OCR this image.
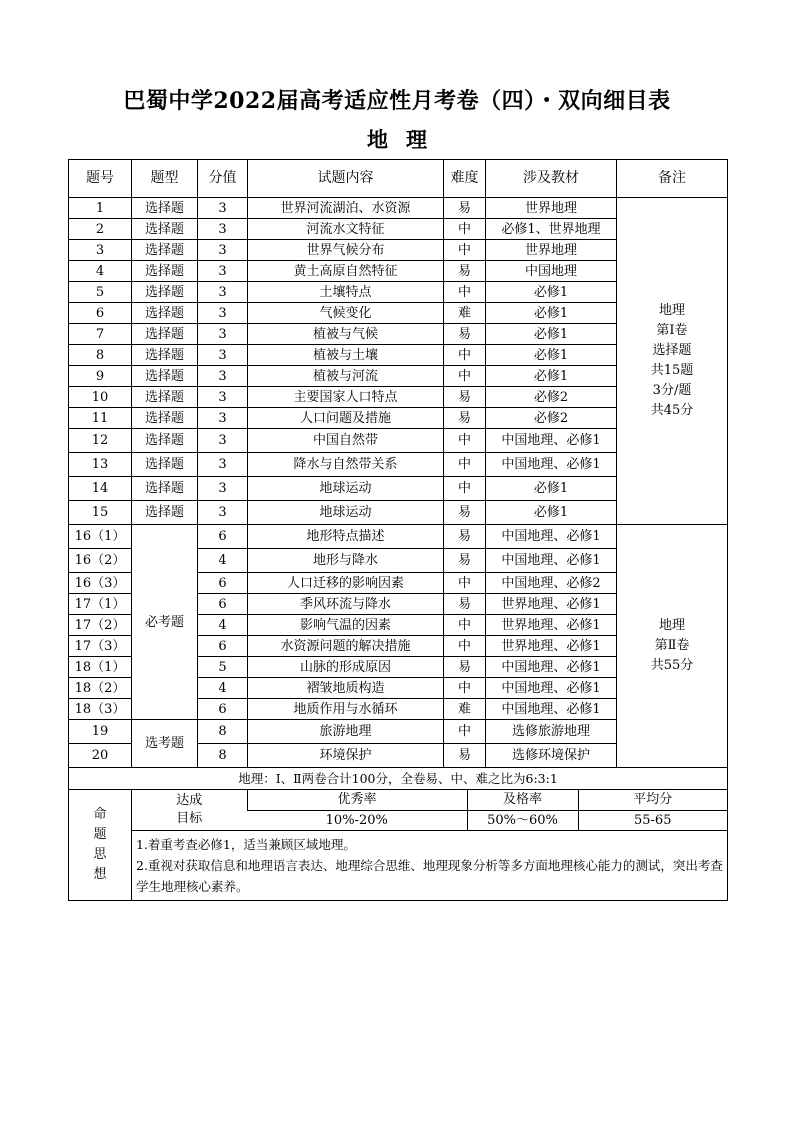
巴蜀中学2022届高考适应性月考卷（四）・双向细目表
地理
题号	题型	分值	试题内容	难度	涉及教材	备注
1	选择题	3	世界河流湖泊、水资源	易	世界地理	
地理
第Ⅰ卷
选择题
共15题
3分/题
共45分

2	选择题	3	河流水文特征	中	必修1、世界地理
3	选择题	3	世界气候分布	中	世界地理
4	选择题	3	黄土高原自然特征	易	中国地理
5	选择题	3	土壤特点	中	必修1
6	选择题	3	气候变化	难	必修1
7	选择题	3	植被与气候	易	必修1
8	选择题	3	植被与土壤	中	必修1
9	选择题	3	植被与河流	中	必修1
10	选择题	3	主要国家人口特点	易	必修2
11	选择题	3	人口问题及措施	易	必修2
12	选择题	3	中国自然带	中	中国地理、必修1
13	选择题	3	降水与自然带关系	中	中国地理、必修1
14	选择题	3	地球运动	中	必修1
15	选择题	3	地球运动	易	必修1
16（1）	必考题	6	地形特点描述	易	中国地理、必修1	
地理
第Ⅱ卷
共55分

16（2）	4	地形与降水	易	中国地理、必修1
16（3）	6	人口迁移的影响因素	中	中国地理、必修2
17（1）	6	季风环流与降水	易	世界地理、必修1
17（2）	4	影响气温的因素	中	世界地理、必修1
17（3）	6	水资源问题的解决措施	中	世界地理、必修1
18（1）	5	山脉的形成原因	易	中国地理、必修1
18（2）	4	褶皱地质构造	中	中国地理、必修1
18（3）	6	地质作用与水循环	难	中国地理、必修1
19	选考题	8	旅游地理	中	选修旅游地理
20	8	环境保护	易	选修环境保护
地理：Ⅰ、Ⅱ两卷合计100分，全卷易、中、难之比为6:3:1

命
题
思
想

达成
目标
	优秀率	及格率	平均分
10%-20%	50%～60%	55-65

1.着重考查必修1，适当兼顾区域地理。

2.重视对获取信息和地理语言表达、地理综合思维、地理现象分析等多方面地理核心能力的测试，突出考查学生地理核心素养。
